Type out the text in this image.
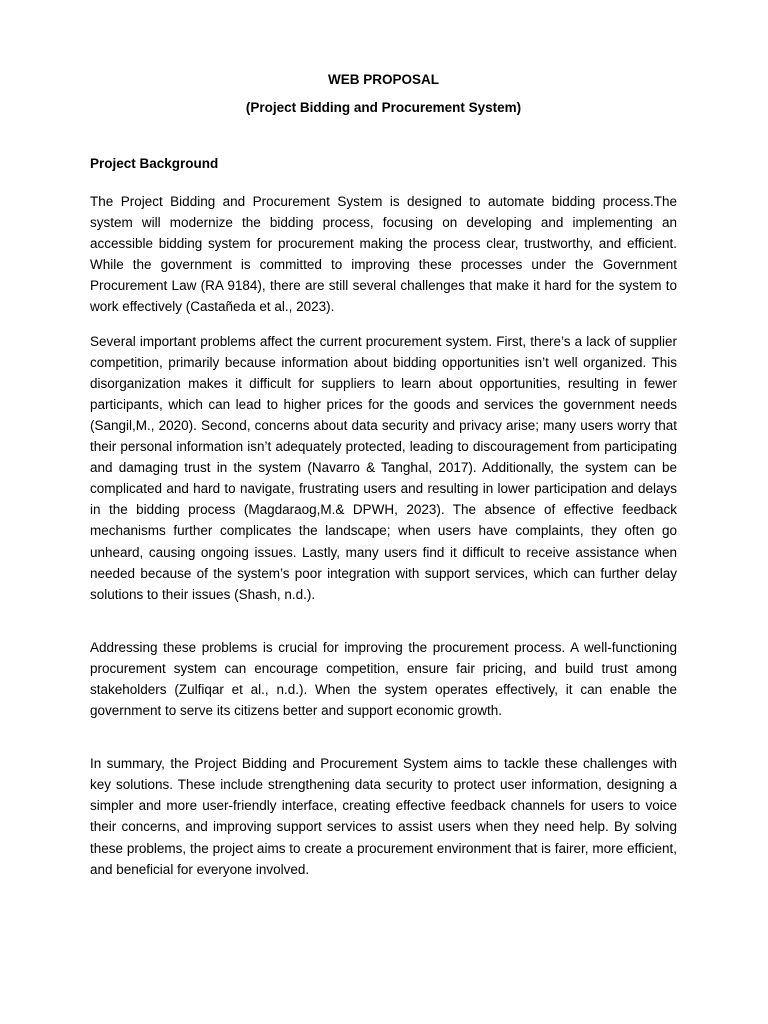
WEB PROPOSAL

(Project Bidding and Procurement System)

Project Background

The Project Bidding and Procurement System is designed to automate bidding process.The system will modernize the bidding process, focusing on developing and implementing an accessible bidding system for procurement making the process clear, trustworthy, and efficient. While the government is committed to improving these processes under the Government Procurement Law (RA 9184), there are still several challenges that make it hard for the system to work effectively (Castañeda et al., 2023).

Several important problems affect the current procurement system. First, there’s a lack of supplier competition, primarily because information about bidding opportunities isn’t well organized. This disorganization makes it difficult for suppliers to learn about opportunities, resulting in fewer participants, which can lead to higher prices for the goods and services the government needs (Sangil,M., 2020). Second, concerns about data security and privacy arise; many users worry that their personal information isn’t adequately protected, leading to discouragement from participating and damaging trust in the system (Navarro & Tanghal, 2017). Additionally, the system can be complicated and hard to navigate, frustrating users and resulting in lower participation and delays in the bidding process (Magdaraog,M.& DPWH, 2023). The absence of effective feedback mechanisms further complicates the landscape; when users have complaints, they often go unheard, causing ongoing issues. Lastly, many users find it difficult to receive assistance when needed because of the system’s poor integration with support services, which can further delay solutions to their issues (Shash, n.d.).

Addressing these problems is crucial for improving the procurement process. A well-functioning procurement system can encourage competition, ensure fair pricing, and build trust among stakeholders (Zulfiqar et al., n.d.). When the system operates effectively, it can enable the government to serve its citizens better and support economic growth.

In summary, the Project Bidding and Procurement System aims to tackle these challenges with key solutions. These include strengthening data security to protect user information, designing a simpler and more user-friendly interface, creating effective feedback channels for users to voice their concerns, and improving support services to assist users when they need help. By solving these problems, the project aims to create a procurement environment that is fairer, more efficient, and beneficial for everyone involved.
